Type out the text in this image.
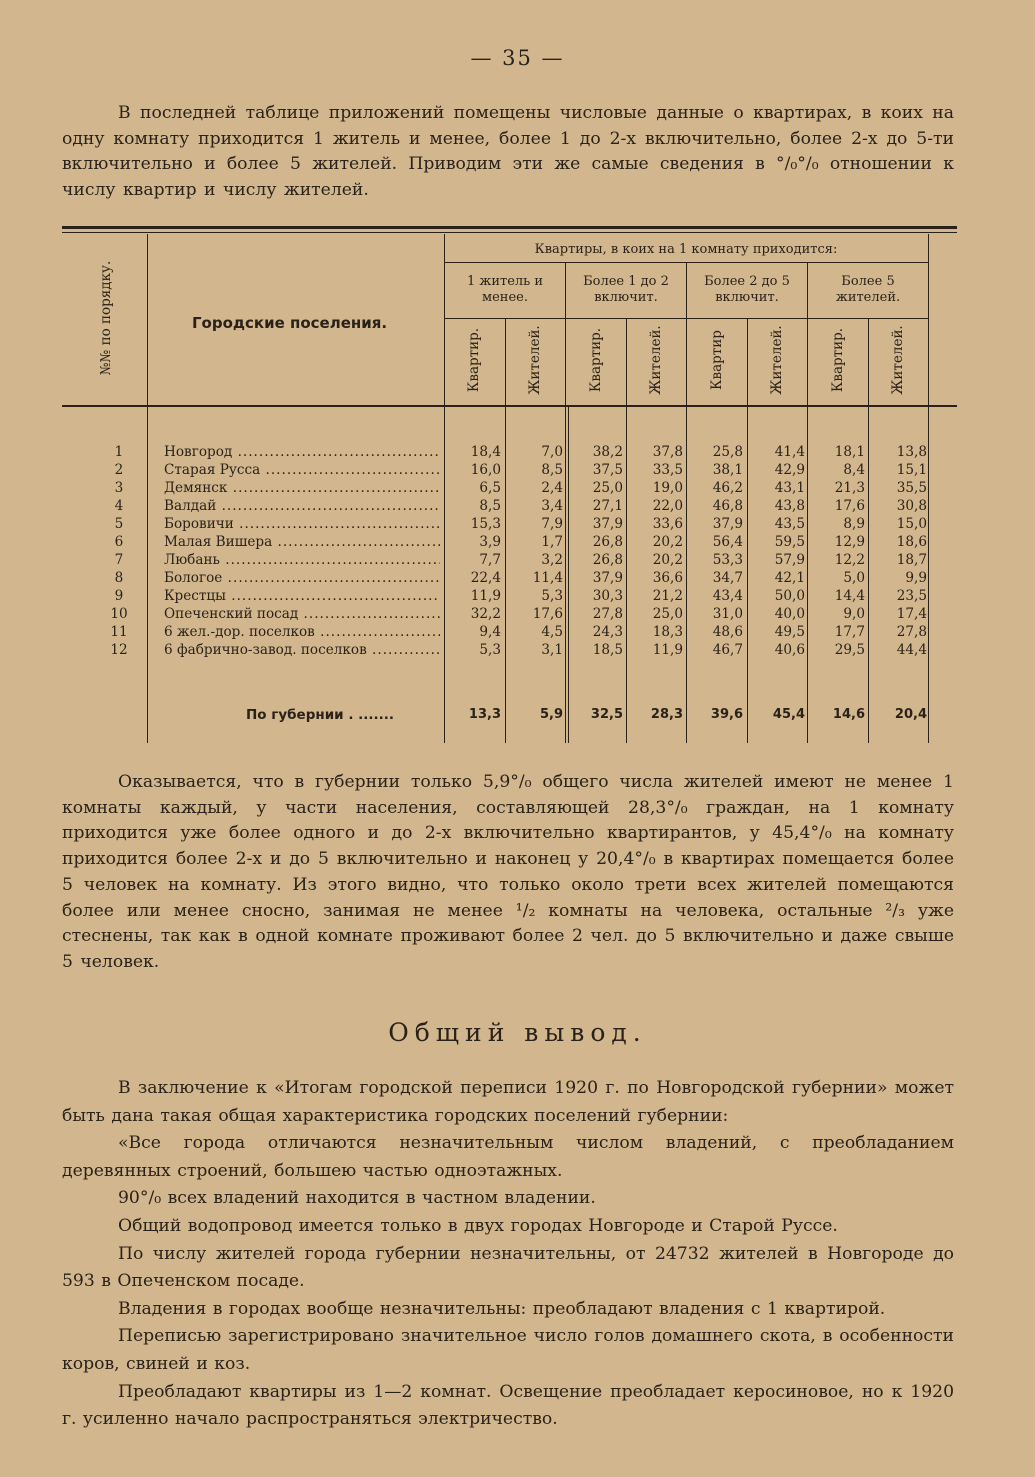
— 35 —
В последней таблице приложений помещены числовые данные о квартирах, в коих на одну комнату приходится 1 житель и менее, более 1 до 2-х включительно, более 2-х до 5-ти включительно и более 5 жителей. Приводим эти же самые сведения в °/₀°/₀ отношении к числу квартир и числу жителей.
№№ по порядку.	Городские поселения.
Квартиры, в коих на 1 комнату приходится:
1 житель и менее.
Более 1 до 2 включит.
Более 2 до 5 включит.
Более 5 жителей.
Квартир.	Жителей.	Квартир.	Жителей.	Квартир	Жителей.	Квартир.	Жителей.
1	Новгород .....	18,4	7,0 38,2 37,8 25,8 41,4 18,1 13,8
2	Старая Русса .....	16,0	8,5 37,5 33,5 38,1 42,9	8,4 15,1
3	Демянск .....	6,5	2,4 25,0 19,0 46,2 43,1 21,3 35,5
4	Валдай .....	8,5	3,4 27,1 22,0 46,8 43,8 17,6 30,8
5	Боровичи .....	15,3	7,9 37,9 33,6 37,9 43,5	8,9 15,0
6	Малая Вишера .....	3,9	1,7 26,8 20,2 56,4 59,5 12,9 18,6
7	Любань .....	7,7	3,2 26,8 20,2 53,3 57,9 12,2 18,7
8	Бологое .....	22,4 11,4 37,9 36,6 34,7 42,1	5,0	9,9
9	Крестцы .....	11,9	5,3 30,3 21,2 43,4 50,0 14,4 23,5
10	Опеченский посад .....	32,2 17,6 27,8 25,0 31,0 40,0	9,0 17,4
11	6 жел.-дор. поселков .....	9,4	4,5 24,3 18,3 48,6 49,5 17,7 27,8
12	6 фабрично-завод. поселков .....	5,3	3,1 18,5 11,9 46,7 40,6 29,5 44,4
По губернии . .......	13,3	5,9 32,5 28,3 39,6 45,4 14,6 20,4
Оказывается, что в губернии только 5,9°/₀ общего числа жителей имеют не менее 1 комнаты каждый, у части населения, составляющей 28,3°/₀ граждан, на 1 комнату приходится уже более одного и до 2-х включительно квартирантов, у 45,4°/₀ на комнату приходится более 2-х и до 5 включительно и наконец у 20,4°/₀ в квартирах помещается более 5 человек на комнату. Из этого видно, что только около трети всех жителей помещаются более или менее сносно, занимая не менее ¹/₂ комнаты на человека, остальные ²/₃ уже стеснены, так как в одной комнате проживают более 2 чел. до 5 включительно и даже свыше 5 человек.
Общий вывод.

В заключение к «Итогам городской переписи 1920 г. по Новгородской губернии» может быть дана такая общая характеристика городских поселений губернии:

«Все города отличаются незначительным числом владений, с преобладанием деревянных строений, большею частью одноэтажных.

90°/₀ всех владений находится в частном владении.

Общий водопровод имеется только в двух городах Новгороде и Старой Руссе.

По числу жителей города губернии незначительны, от 24732 жителей в Новгороде до 593 в Опеченском посаде.

Владения в городах вообще незначительны: преобладают владения с 1 квартирой.

Переписью зарегистрировано значительное число голов домашнего скота, в особенности коров, свиней и коз.

Преобладают квартиры из 1—2 комнат. Освещение преобладает керосиновое, но к 1920 г. усиленно начало распространяться электричество.
